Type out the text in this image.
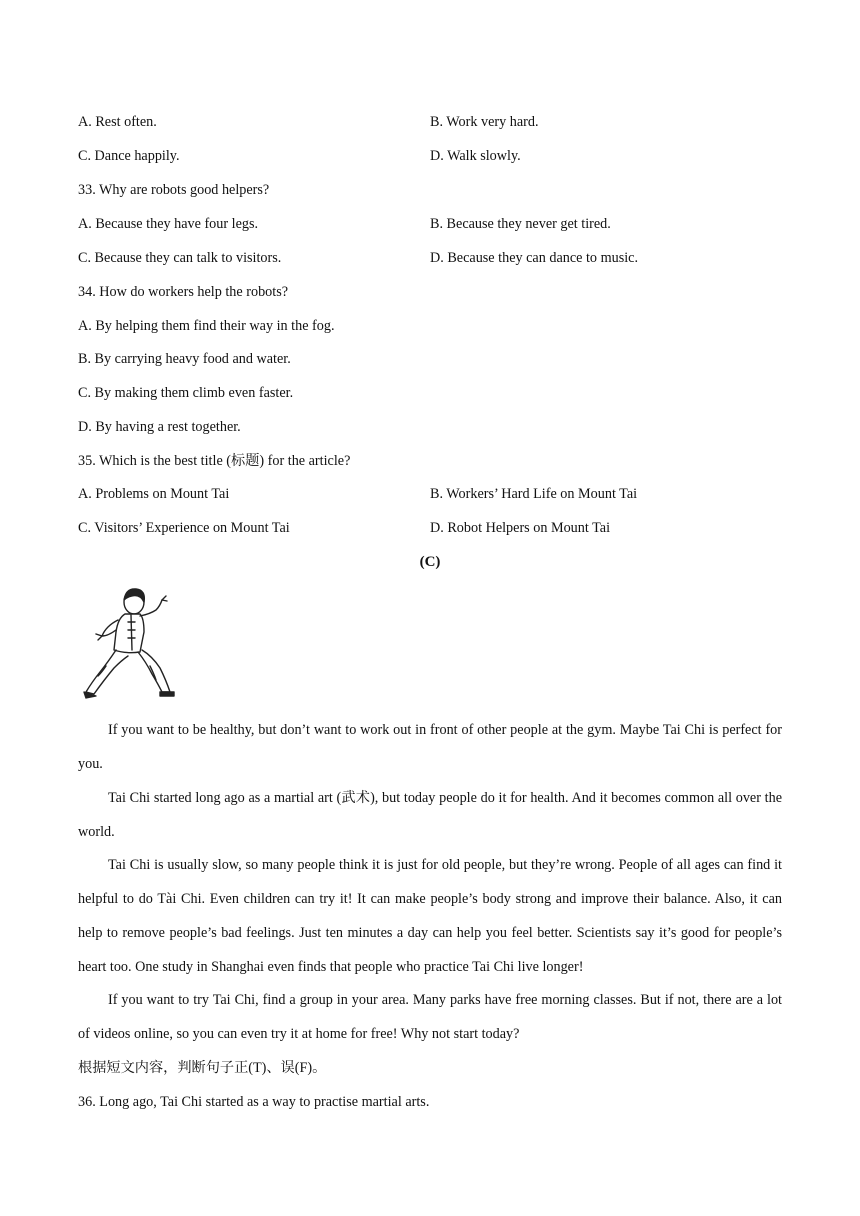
A. Rest often.	B. Work very hard.
C. Dance happily.	D. Walk slowly.
33. Why are robots good helpers?
A. Because they have four legs.	B. Because they never get tired.
C. Because they can talk to visitors.	D. Because they can dance to music.
34. How do workers help the robots?
A. By helping them find their way in the fog.
B. By carrying heavy food and water.
C. By making them climb even faster.
D. By having a rest together.
35. Which is the best title (标题) for the article?
A. Problems on Mount Tai	B. Workers’ Hard Life on Mount Tai
C. Visitors’ Experience on Mount Tai	D. Robot Helpers on Mount Tai
(C)
If you want to be healthy, but don’t want to work out in front of other people at the gym. Maybe Tai Chi is perfect for you.
Tai Chi started long ago as a martial art (武术), but today people do it for health. And it becomes common all over the world.
Tai Chi is usually slow, so many people think it is just for old people, but they’re wrong. People of all ages can find it helpful to do Tài Chi. Even children can try it! It can make people’s body strong and improve their balance. Also, it can help to remove people’s bad feelings. Just ten minutes a day can help you feel better. Scientists say it’s good for people’s heart too. One study in Shanghai even finds that people who practice Tai Chi live longer!
If you want to try Tai Chi, find a group in your area. Many parks have free morning classes. But if not, there are a lot of videos online, so you can even try it at home for free! Why not start today?
根据短文内容，判断句子正(T)、误(F)。
36. Long ago, Tai Chi started as a way to practise martial arts.
